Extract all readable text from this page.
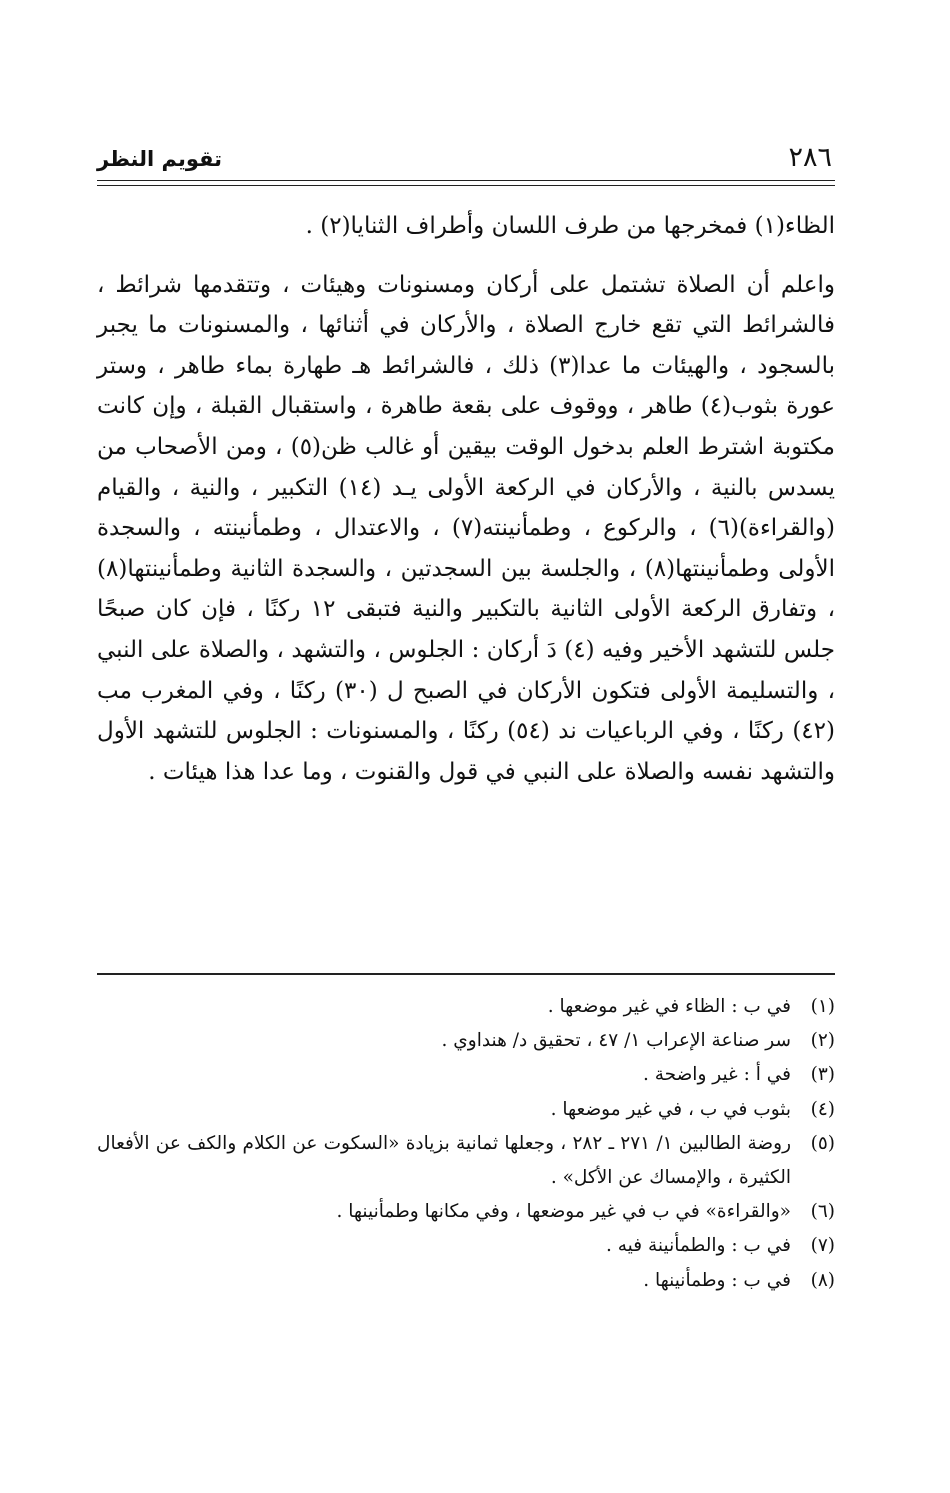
٢٨٦
تقويم النظر

الظاء(١) فمخرجها من طرف اللسان وأطراف الثنايا(٢) .

واعلم أن الصلاة تشتمل على أركان ومسنونات وهيئات ، وتتقدمها شرائط ، فالشرائط التي تقع خارج الصلاة ، والأركان في أثنائها ، والمسنونات ما يجبر بالسجود ، والهيئات ما عدا(٣) ذلك ، فالشرائط هـ طهارة بماء طاهر ، وستر عورة بثوب(٤) طاهر ، ووقوف على بقعة طاهرة ، واستقبال القبلة ، وإن كانت مكتوبة اشترط العلم بدخول الوقت بيقين أو غالب ظن(٥) ، ومن الأصحاب من يسدس بالنية ، والأركان في الركعة الأولى يـد (١٤) التكبير ، والنية ، والقيام (والقراءة)(٦) ، والركوع ، وطمأنينته(٧) ، والاعتدال ، وطمأنينته ، والسجدة الأولى وطمأنينتها(٨) ، والجلسة بين السجدتين ، والسجدة الثانية وطمأنينتها(٨) ، وتفارق الركعة الأولى الثانية بالتكبير والنية فتبقى ١٢ ركنًا ، فإن كان صبحًا جلس للتشهد الأخير وفيه (٤) دَ أركان : الجلوس ، والتشهد ، والصلاة على النبي ، والتسليمة الأولى فتكون الأركان في الصبح ل (٣٠) ركنًا ، وفي المغرب مب (٤٢) ركنًا ، وفي الرباعيات ند (٥٤) ركنًا ، والمسنونات : الجلوس للتشهد الأول والتشهد نفسه والصلاة على النبي في قول والقنوت ، وما عدا هذا هيئات .

(١)
في ب : الظاء في غير موضعها .
(٢)
سر صناعة الإعراب ١/ ٤٧ ، تحقيق د/ هنداوي .
(٣)
في أ : غير واضحة .
(٤)
بثوب في ب ، في غير موضعها .
(٥)
روضة الطالبين ١/ ٢٧١ ـ ٢٨٢ ، وجعلها ثمانية بزيادة «السكوت عن الكلام والكف عن الأفعال الكثيرة ، والإمساك عن الأكل» .
(٦)
«والقراءة» في ب في غير موضعها ، وفي مكانها وطمأنينها .
(٧)
في ب : والطمأنينة فيه .
(٨)
في ب : وطمأنينها .
